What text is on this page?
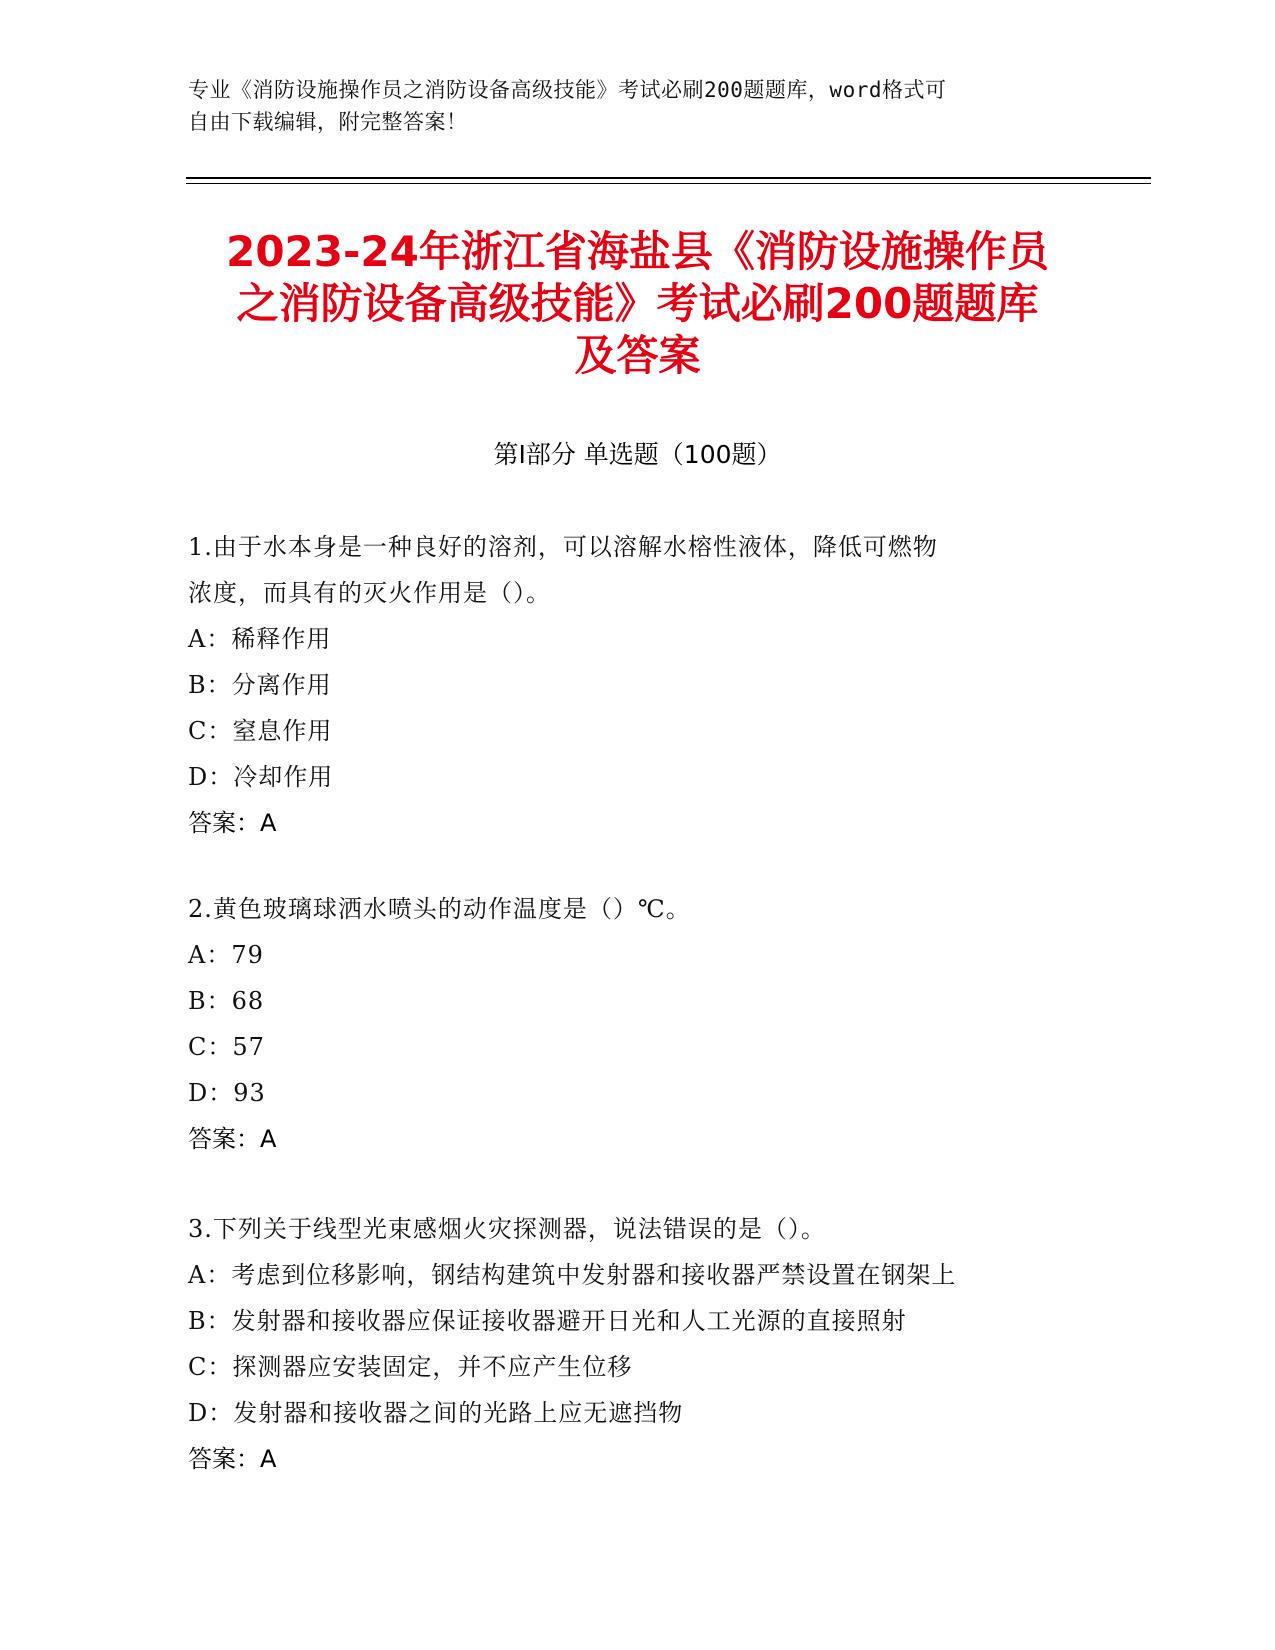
专业《消防设施操作员之消防设备高级技能》考试必刷200题题库，word格式可

自由下载编辑，附完整答案！

2023-24年浙江省海盐县《消防设施操作员

之消防设备高级技能》考试必刷200题题库

及答案

第Ⅰ部分 单选题（100题）

1.由于水本身是一种良好的溶剂，可以溶解水榕性液体，降低可燃物

浓度，而具有的灭火作用是（）。

A：稀释作用

B：分离作用

C：窒息作用

D：冷却作用

答案：A

2.黄色玻璃球洒水喷头的动作温度是（）℃。

A：79

B：68

C：57

D：93

答案：A

3.下列关于线型光束感烟火灾探测器，说法错误的是（）。

A：考虑到位移影响，钢结构建筑中发射器和接收器严禁设置在钢架上

B：发射器和接收器应保证接收器避开日光和人工光源的直接照射

C：探测器应安装固定，并不应产生位移

D：发射器和接收器之间的光路上应无遮挡物

答案：A
